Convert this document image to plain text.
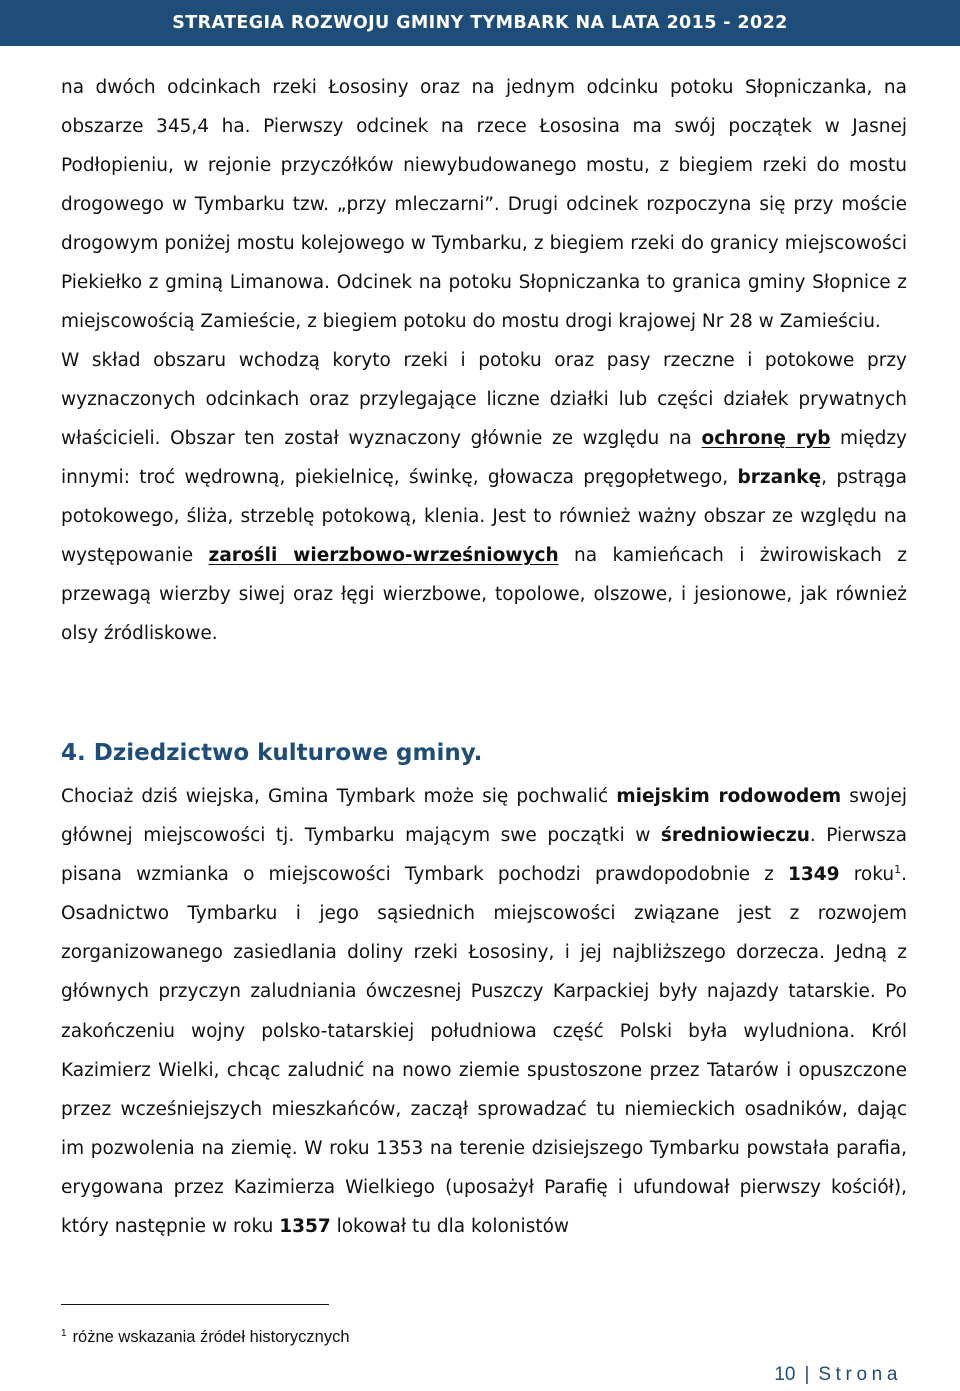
STRATEGIA ROZWOJU GMINY TYMBARK NA LATA 2015 - 2022

na dwóch odcinkach rzeki Łososiny oraz na jednym odcinku potoku Słopniczanka, na obszarze 345,4 ha. Pierwszy odcinek na rzece Łososina ma swój początek w Jasnej Podłopieniu, w rejonie przyczółków niewybudowanego mostu, z biegiem rzeki do mostu drogowego w Tymbarku tzw. „przy mleczarni”. Drugi odcinek rozpoczyna się przy moście drogowym poniżej mostu kolejowego w Tymbarku, z biegiem rzeki do granicy miejscowości Piekiełko z gminą Limanowa. Odcinek na potoku Słopniczanka to granica gminy Słopnice z miejscowością Zamieście, z biegiem potoku do mostu drogi krajowej Nr 28 w Zamieściu.

W skład obszaru wchodzą koryto rzeki i potoku oraz pasy rzeczne i potokowe przy wyznaczonych odcinkach oraz przylegające liczne działki lub części działek prywatnych właścicieli. Obszar ten został wyznaczony głównie ze względu na ochronę ryb między innymi: troć wędrowną, piekielnicę, świnkę, głowacza pręgopłetwego, brzankę, pstrąga potokowego, śliża, strzeblę potokową, klenia. Jest to również ważny obszar ze względu na występowanie zarośli wierzbowo-wrześniowych na kamieńcach i żwirowiskach z przewagą wierzby siwej oraz łęgi wierzbowe, topolowe, olszowe, i jesionowe, jak również olsy źródliskowe.

4. Dziedzictwo kulturowe gminy.

Chociaż dziś wiejska, Gmina Tymbark może się pochwalić miejskim rodowodem swojej głównej miejscowości tj. Tymbarku mającym swe początki w średniowieczu. Pierwsza pisana wzmianka o miejscowości Tymbark pochodzi prawdopodobnie z 1349 roku$^1$. Osadnictwo Tymbarku i jego sąsiednich miejscowości związane jest z rozwojem zorganizowanego zasiedlania doliny rzeki Łososiny, i jej najbliższego dorzecza. Jedną z głównych przyczyn zaludniania ówczesnej Puszczy Karpackiej były najazdy tatarskie. Po zakończeniu wojny polsko-tatarskiej południowa część Polski była wyludniona. Król Kazimierz Wielki, chcąc zaludnić na nowo ziemie spustoszone przez Tatarów i opuszczone przez wcześniejszych mieszkańców, zaczął sprowadzać tu niemieckich osadników, dając im pozwolenia na ziemię. W roku 1353 na terenie dzisiejszego Tymbarku powstała parafia, erygowana przez Kazimierza Wielkiego (uposażył Parafię i ufundował pierwszy kościół), który następnie w roku 1357 lokował tu dla kolonistów

$^1$ różne wskazania źródeł historycznych
10 | Strona
